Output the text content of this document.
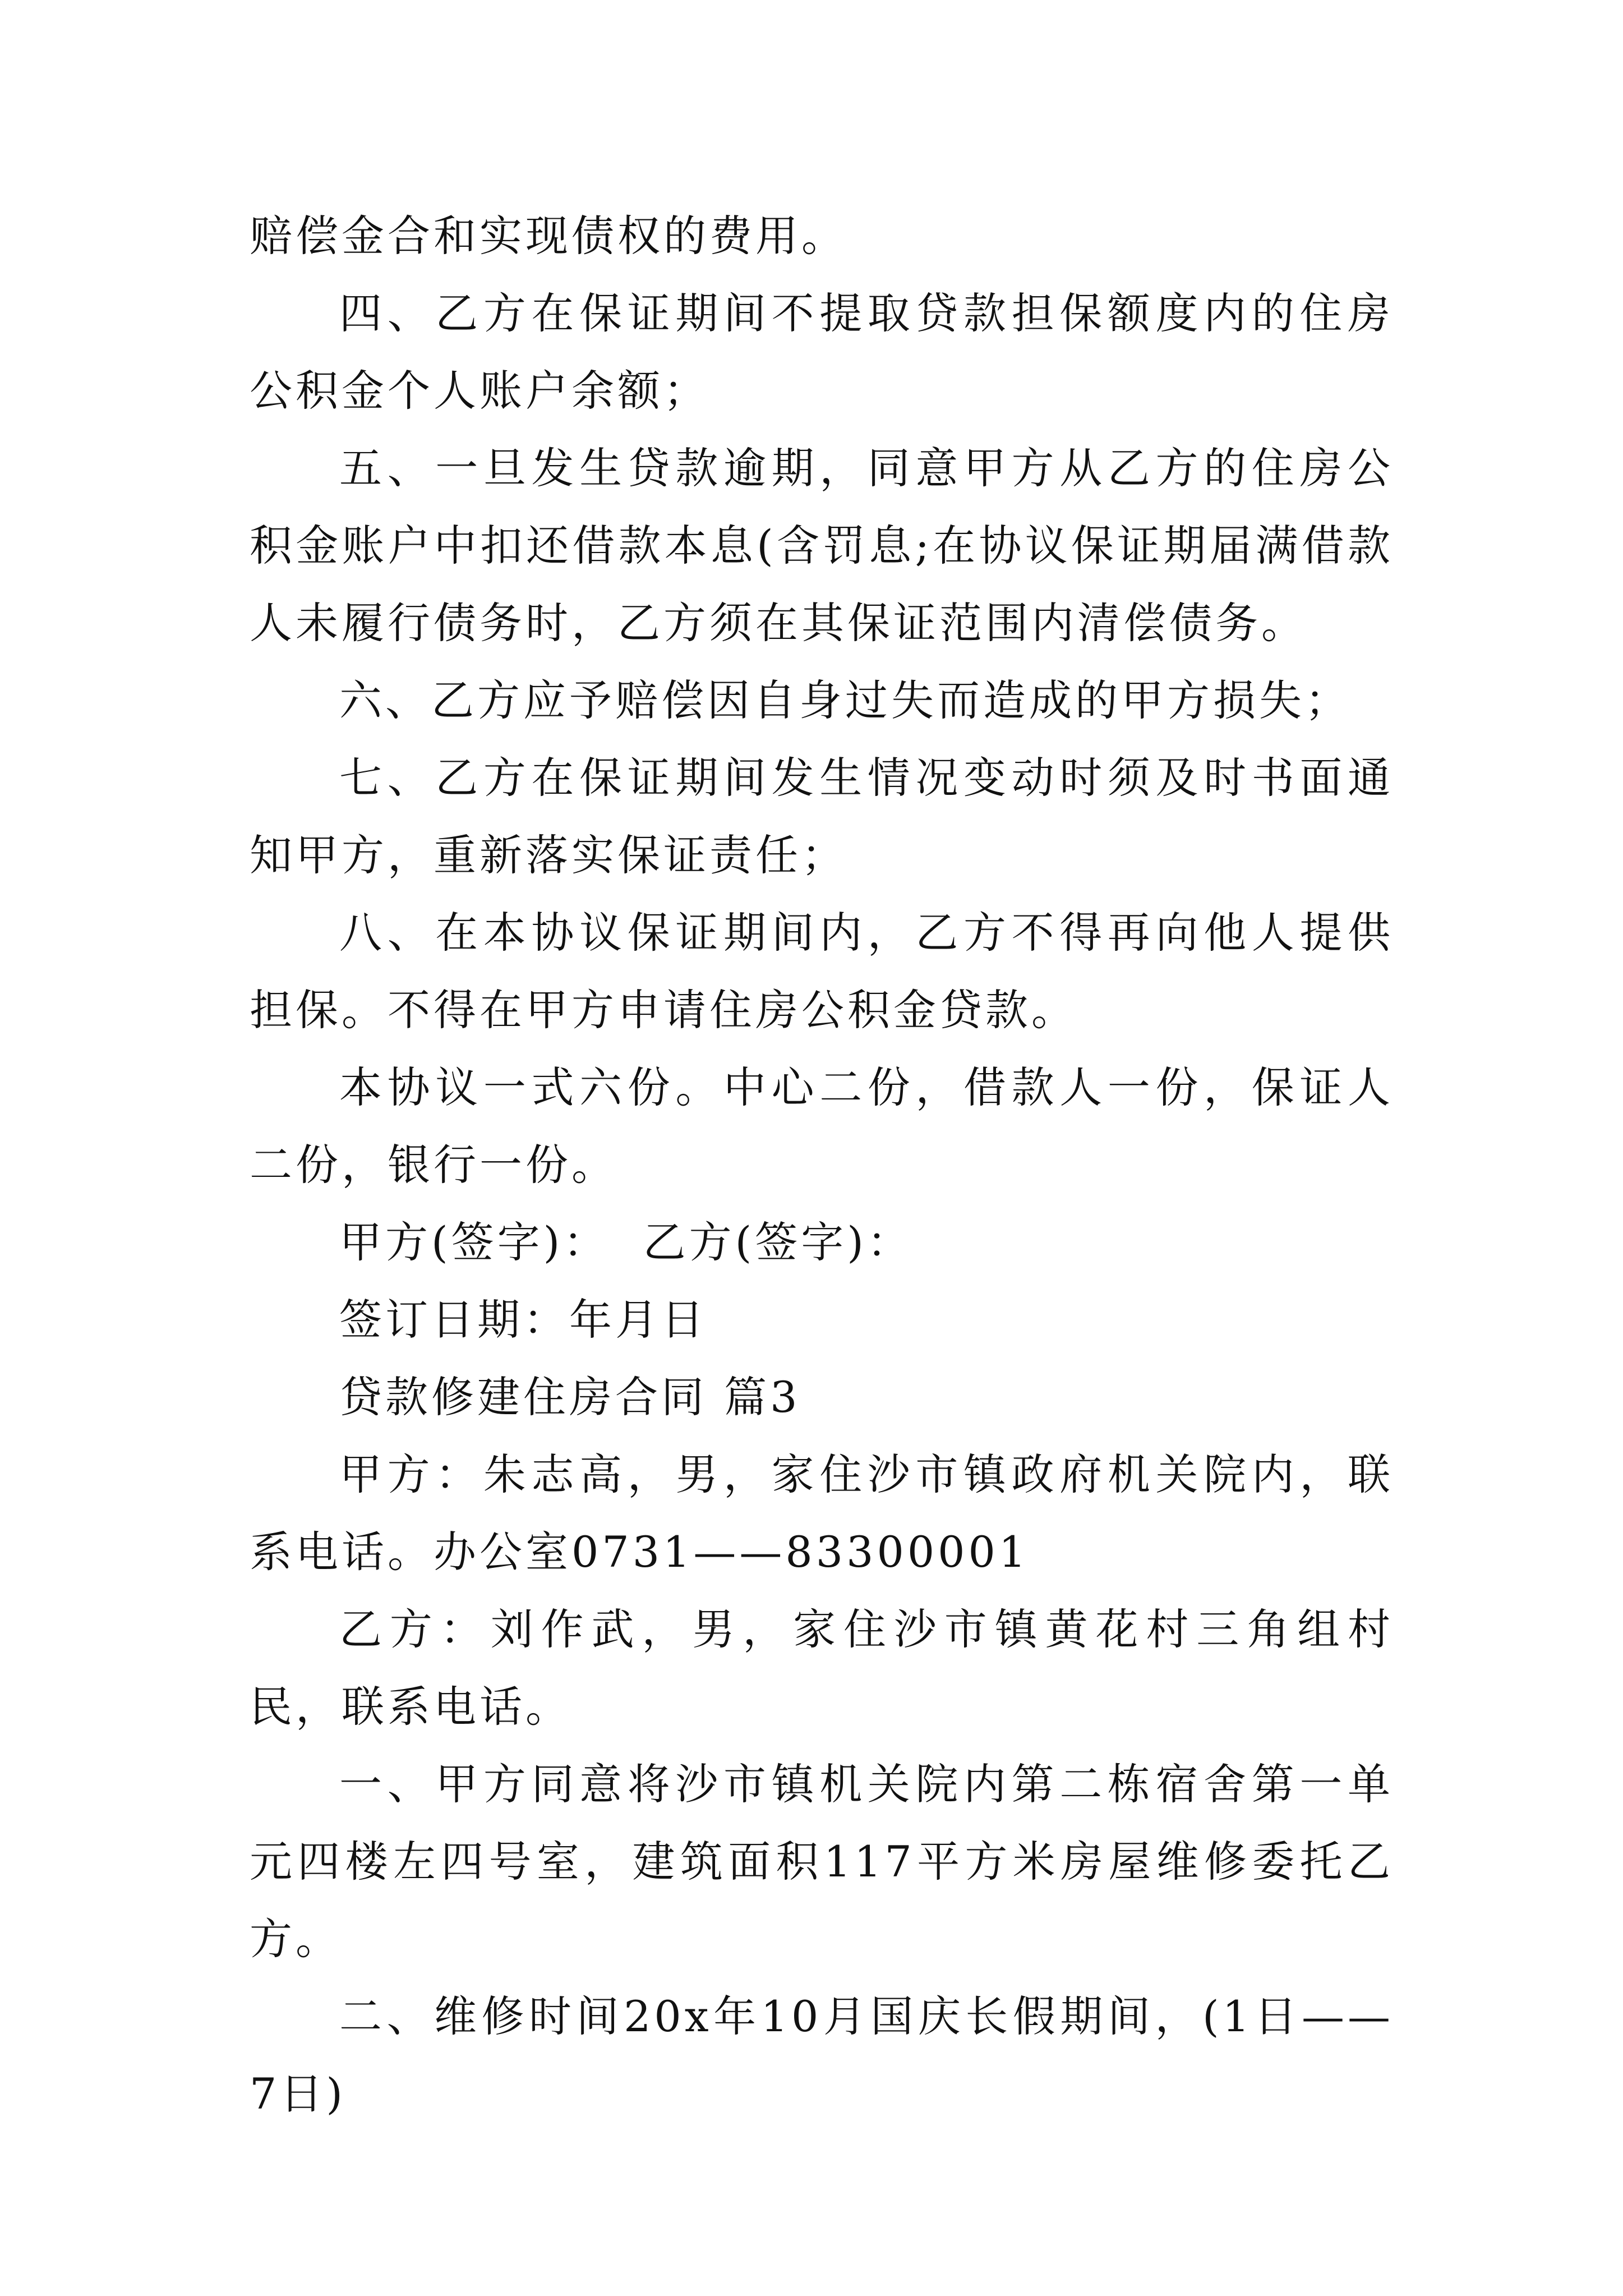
赔偿金合和实现债权的费用。

四、乙方在保证期间不提取贷款担保额度内的住房公积金个人账户余额；

五、一旦发生贷款逾期，同意甲方从乙方的住房公积金账户中扣还借款本息(含罚息;在协议保证期届满借款人未履行债务时，乙方须在其保证范围内清偿债务。

六、乙方应予赔偿因自身过失而造成的甲方损失；

七、乙方在保证期间发生情况变动时须及时书面通知甲方，重新落实保证责任；

八、在本协议保证期间内，乙方不得再向他人提供担保。不得在甲方申请住房公积金贷款。

本协议一式六份。中心二份，借款人一份，保证人二份，银行一份。

甲方(签字)：  乙方(签字)：

签订日期：年月日

贷款修建住房合同 篇3

甲方：朱志高，男，家住沙市镇政府机关院内，联系电话。办公室0731——83300001

乙方：刘作武，男，家住沙市镇黄花村三角组村民，联系电话。

一、甲方同意将沙市镇机关院内第二栋宿舍第一单元四楼左四号室，建筑面积117平方米房屋维修委托乙方。

二、维修时间20x年10月国庆长假期间，(1日——7日)
